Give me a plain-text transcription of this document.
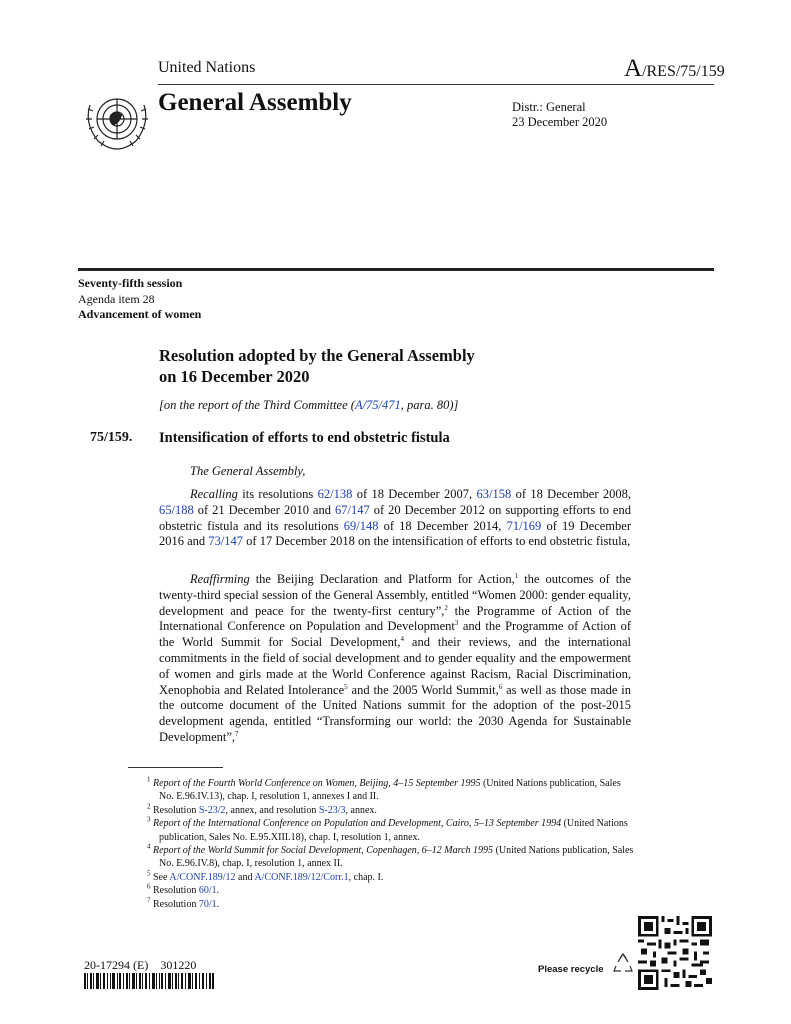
United Nations	A/RES/75/159
General Assembly	Distr.: General
23 December 2020
Seventy-fifth session
Agenda item 28
Advancement of women
Resolution adopted by the General Assembly
on 16 December 2020
[on the report of the Third Committee (A/75/471, para. 80)]
75/159. Intensification of efforts to end obstetric fistula
The General Assembly,
Recalling its resolutions 62/138 of 18 December 2007, 63/158 of 18 December 2008, 65/188 of 21 December 2010 and 67/147 of 20 December 2012 on supporting efforts to end obstetric fistula and its resolutions 69/148 of 18 December 2014, 71/169 of 19 December 2016 and 73/147 of 17 December 2018 on the intensification of efforts to end obstetric fistula,
Reaffirming the Beijing Declaration and Platform for Action,$^1$ the outcomes of the twenty-third special session of the General Assembly, entitled “Women 2000: gender equality, development and peace for the twenty-first century”,$^2$ the Programme of Action of the International Conference on Population and Development$^3$ and the Programme of Action of the World Summit for Social Development,$^4$ and their reviews, and the international commitments in the field of social development and to gender equality and the empowerment of women and girls made at the World Conference against Racism, Racial Discrimination, Xenophobia and Related Intolerance$^5$ and the 2005 World Summit,$^6$ as well as those made in the outcome document of the United Nations summit for the adoption of the post-2015 development agenda, entitled “Transforming our world: the 2030 Agenda for Sustainable Development”,$^7$
$^1$ Report of the Fourth World Conference on Women, Beijing, 4–15 September 1995 (United Nations publication, Sales No. E.96.IV.13), chap. I, resolution 1, annexes I and II.
$^2$ Resolution S-23/2, annex, and resolution S-23/3, annex.
$^3$ Report of the International Conference on Population and Development, Cairo, 5–13 September 1994 (United Nations publication, Sales No. E.95.XIII.18), chap. I, resolution 1, annex.
$^4$ Report of the World Summit for Social Development, Copenhagen, 6–12 March 1995 (United Nations publication, Sales No. E.96.IV.8), chap. I, resolution 1, annex II.
$^5$ See A/CONF.189/12 and A/CONF.189/12/Corr.1, chap. I.
$^6$ Resolution 60/1.
$^7$ Resolution 70/1.
20-17294 (E)    301220	Please recycle
